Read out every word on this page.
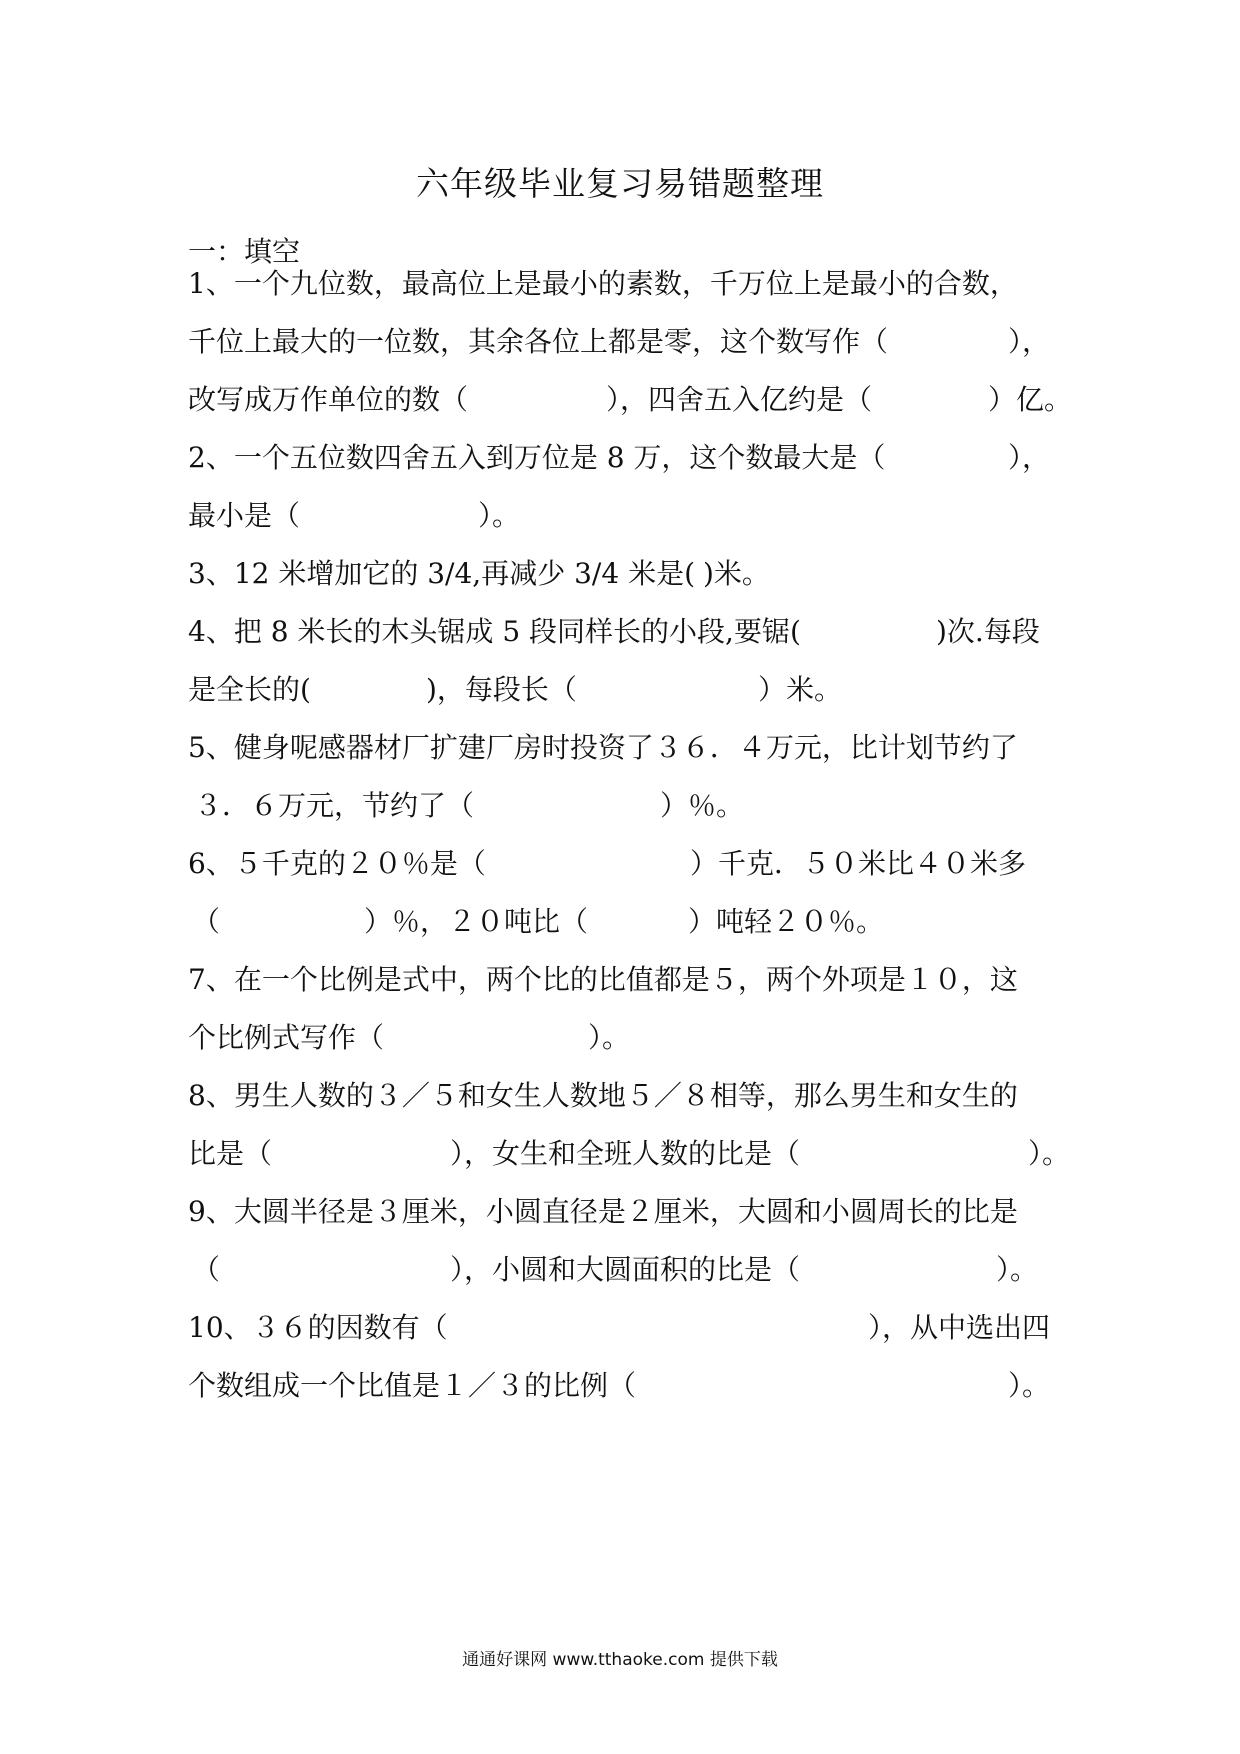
六年级毕业复习易错题整理
一：填空
1、一个九位数，最高位上是最小的素数，千万位上是最小的合数，
千位上最大的一位数，其余各位上都是零，这个数写作（	），
改写成万作单位的数（	），四舍五入亿约是（	）亿。
2、一个五位数四舍五入到万位是 8 万，这个数最大是（	），
最小是（	）。
3、12 米增加它的 3/4,再减少 3/4 米是( )米。
4、把 8 米长的木头锯成 5 段同样长的小段,要锯(	)次.每段
是全长的(	)，每段长（	）米。
5、健身呢感器材厂扩建厂房时投资了３６．４万元，比计划节约了
３．６万元，节约了（	）％。
6、５千克的２０％是（	）千克．５０米比４０米多
（	）％，２０吨比（	）吨轻２０％。
7、在一个比例是式中，两个比的比值都是５，两个外项是１０，这
个比例式写作（	）。
8、男生人数的３／５和女生人数地５／８相等，那么男生和女生的
比是（	），女生和全班人数的比是（	）。
9、大圆半径是３厘米，小圆直径是２厘米，大圆和小圆周长的比是
（	），小圆和大圆面积的比是（	）。
10、３６的因数有（	），从中选出四
个数组成一个比值是１／３的比例（	）。
通通好课网 www.tthaoke.com 提供下载
